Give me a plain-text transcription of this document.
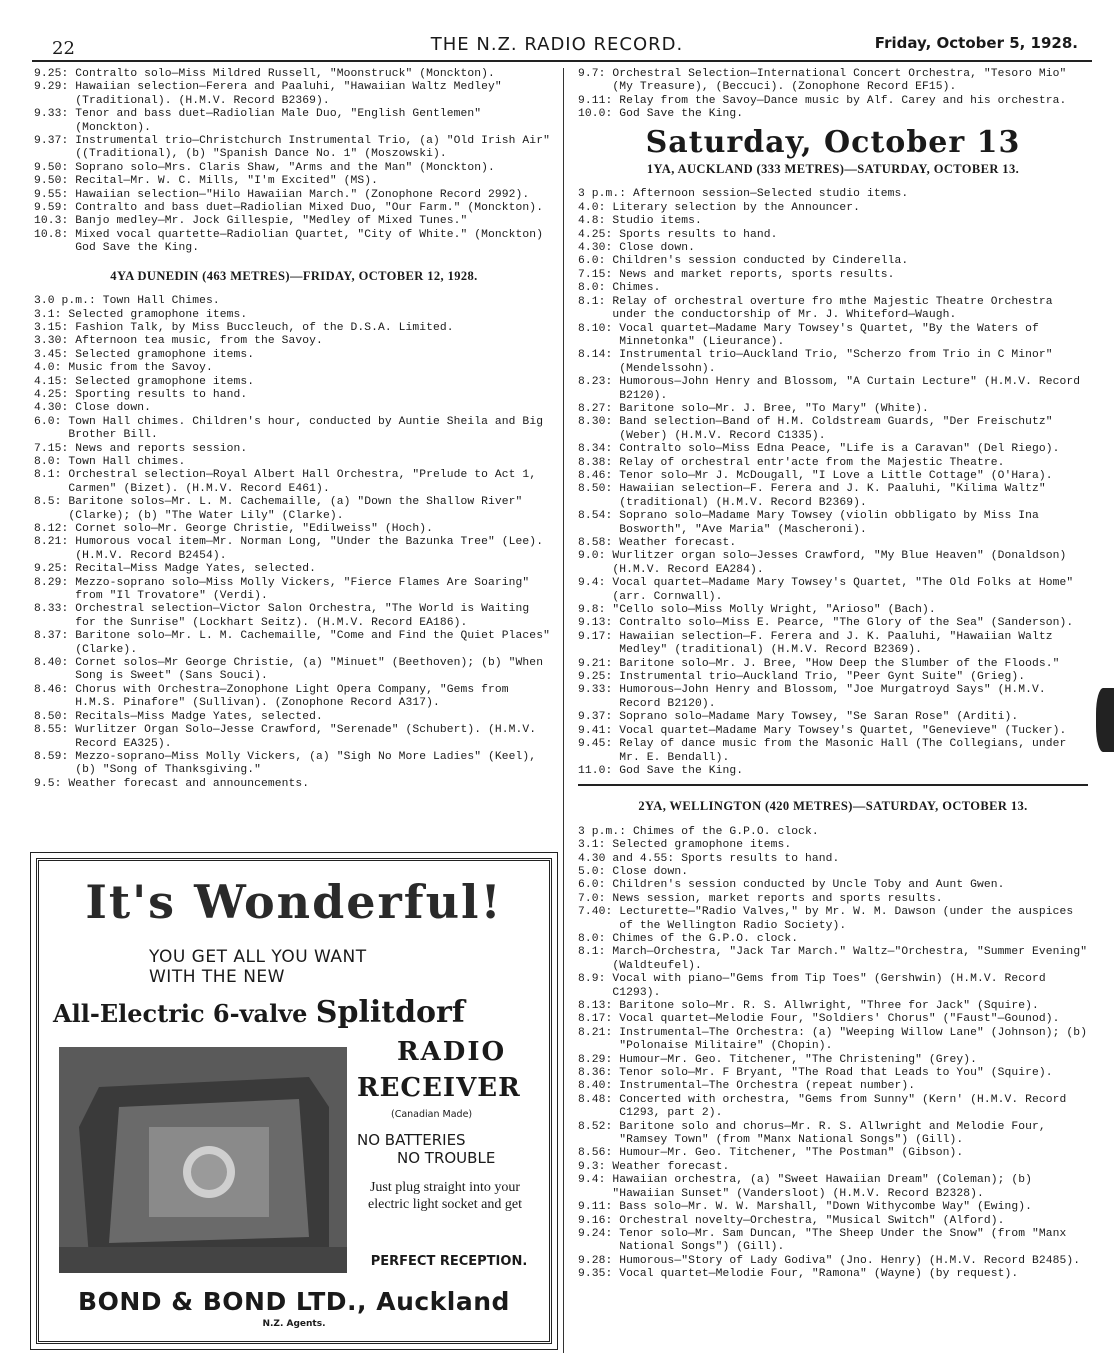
22	THE N.Z. RADIO RECORD.	Friday, October 5, 1928.
9.25: Contralto solo—Miss Mildred Russell, "Moonstruck" (Monckton).
9.29: Hawaiian selection—Ferera and Paaluhi, "Hawaiian Waltz Medley" (Traditional). (H.M.V. Record B2369).
9.33: Tenor and bass duet—Radiolian Male Duo, "English Gentlemen" (Monckton).
9.37: Instrumental trio—Christchurch Instrumental Trio, (a) "Old Irish Air" ((Traditional), (b) "Spanish Dance No. 1" (Moszowski).
9.50: Soprano solo—Mrs. Claris Shaw, "Arms and the Man" (Monckton).
9.50: Recital—Mr. W. C. Mills, "I'm Excited" (MS).
9.55: Hawaiian selection—"Hilo Hawaiian March." (Zonophone Record 2992).
9.59: Contralto and bass duet—Radiolian Mixed Duo, "Our Farm." (Monckton).
10.3: Banjo medley—Mr. Jock Gillespie, "Medley of Mixed Tunes."
10.8: Mixed vocal quartette—Radiolian Quartet, "City of White." (Monckton) God Save the King.
4YA DUNEDIN (463 METRES)—FRIDAY, OCTOBER 12, 1928.
3.0 p.m.: Town Hall Chimes.
3.1: Selected gramophone items.
3.15: Fashion Talk, by Miss Buccleuch, of the D.S.A. Limited.
3.30: Afternoon tea music, from the Savoy.
3.45: Selected gramophone items.
4.0: Music from the Savoy.
4.15: Selected gramophone items.
4.25: Sporting results to hand.
4.30: Close down.
6.0: Town Hall chimes. Children's hour, conducted by Auntie Sheila and Big Brother Bill.
7.15: News and reports session.
8.0: Town Hall chimes.
8.1: Orchestral selection—Royal Albert Hall Orchestra, "Prelude to Act 1, Carmen" (Bizet). (H.M.V. Record E461).
8.5: Baritone solos—Mr. L. M. Cachemaille, (a) "Down the Shallow River" (Clarke); (b) "The Water Lily" (Clarke).
8.12: Cornet solo—Mr. George Christie, "Edilweiss" (Hoch).
8.21: Humorous vocal item—Mr. Norman Long, "Under the Bazunka Tree" (Lee). (H.M.V. Record B2454).
9.25: Recital—Miss Madge Yates, selected.
8.29: Mezzo-soprano solo—Miss Molly Vickers, "Fierce Flames Are Soaring" from "Il Trovatore" (Verdi).
8.33: Orchestral selection—Victor Salon Orchestra, "The World is Waiting for the Sunrise" (Lockhart Seitz). (H.M.V. Record EA186).
8.37: Baritone solo—Mr. L. M. Cachemaille, "Come and Find the Quiet Places" (Clarke).
8.40: Cornet solos—Mr George Christie, (a) "Minuet" (Beethoven); (b) "When Song is Sweet" (Sans Souci).
8.46: Chorus with Orchestra—Zonophone Light Opera Company, "Gems from H.M.S. Pinafore" (Sullivan). (Zonophone Record A317).
8.50: Recitals—Miss Madge Yates, selected.
8.55: Wurlitzer Organ Solo—Jesse Crawford, "Serenade" (Schubert). (H.M.V. Record EA325).
8.59: Mezzo-soprano—Miss Molly Vickers, (a) "Sigh No More Ladies" (Keel), (b) "Song of Thanksgiving."
9.5: Weather forecast and announcements.
It's Wonderful!
YOU GET ALL YOU WANT
WITH THE NEW
All-Electric 6-valve Splitdorf
RADIO
RECEIVER
(Canadian Made)
NO BATTERIES
NO TROUBLE
Just plug straight into your electric light socket and get
PERFECT RECEPTION.
BOND & BOND LTD., Auckland
N.Z. Agents.
9.7: Orchestral Selection—International Concert Orchestra, "Tesoro Mio" (My Treasure), (Beccuci). (Zonophone Record EF15).
9.11: Relay from the Savoy—Dance music by Alf. Carey and his orchestra.
10.0: God Save the King.
Saturday, October 13
1YA, AUCKLAND (333 METRES)—SATURDAY, OCTOBER 13.
3 p.m.: Afternoon session—Selected studio items.
4.0: Literary selection by the Announcer.
4.8: Studio items.
4.25: Sports results to hand.
4.30: Close down.
6.0: Children's session conducted by Cinderella.
7.15: News and market reports, sports results.
8.0: Chimes.
8.1: Relay of orchestral overture fro mthe Majestic Theatre Orchestra under the conductorship of Mr. J. Whiteford—Waugh.
8.10: Vocal quartet—Madame Mary Towsey's Quartet, "By the Waters of Minnetonka" (Lieurance).
8.14: Instrumental trio—Auckland Trio, "Scherzo from Trio in C Minor" (Mendelssohn).
8.23: Humorous—John Henry and Blossom, "A Curtain Lecture" (H.M.V. Record B2120).
8.27: Baritone solo—Mr. J. Bree, "To Mary" (White).
8.30: Band selection—Band of H.M. Coldstream Guards, "Der Freischutz" (Weber) (H.M.V. Record C1335).
8.34: Contralto solo—Miss Edna Peace, "Life is a Caravan" (Del Riego).
8.38: Relay of orchestral entr'acte from the Majestic Theatre.
8.46: Tenor solo—Mr J. McDougall, "I Love a Little Cottage" (O'Hara).
8.50: Hawaiian selection—F. Ferera and J. K. Paaluhi, "Kilima Waltz" (traditional) (H.M.V. Record B2369).
8.54: Soprano solo—Madame Mary Towsey (violin obbligato by Miss Ina Bosworth", "Ave Maria" (Mascheroni).
8.58: Weather forecast.
9.0: Wurlitzer organ solo—Jesses Crawford, "My Blue Heaven" (Donaldson) (H.M.V. Record EA284).
9.4: Vocal quartet—Madame Mary Towsey's Quartet, "The Old Folks at Home" (arr. Cornwall).
9.8: "Cello solo—Miss Molly Wright, "Arioso" (Bach).
9.13: Contralto solo—Miss E. Pearce, "The Glory of the Sea" (Sanderson).
9.17: Hawaiian selection—F. Ferera and J. K. Paaluhi, "Hawaiian Waltz Medley" (traditional) (H.M.V. Record B2369).
9.21: Baritone solo—Mr. J. Bree, "How Deep the Slumber of the Floods."
9.25: Instrumental trio—Auckland Trio, "Peer Gynt Suite" (Grieg).
9.33: Humorous—John Henry and Blossom, "Joe Murgatroyd Says" (H.M.V. Record B2120).
9.37: Soprano solo—Madame Mary Towsey, "Se Saran Rose" (Arditi).
9.41: Vocal quartet—Madame Mary Towsey's Quartet, "Genevieve" (Tucker).
9.45: Relay of dance music from the Masonic Hall (The Collegians, under Mr. E. Bendall).
11.0: God Save the King.
2YA, WELLINGTON (420 METRES)—SATURDAY, OCTOBER 13.
3 p.m.: Chimes of the G.P.O. clock.
3.1: Selected gramophone items.
4.30 and 4.55: Sports results to hand.
5.0: Close down.
6.0: Children's session conducted by Uncle Toby and Aunt Gwen.
7.0: News session, market reports and sports results.
7.40: Lecturette—"Radio Valves," by Mr. W. M. Dawson (under the auspices of the Wellington Radio Society).
8.0: Chimes of the G.P.O. clock.
8.1: March—Orchestra, "Jack Tar March." Waltz—"Orchestra, "Summer Evening" (Waldteufel).
8.9: Vocal with piano—"Gems from Tip Toes" (Gershwin) (H.M.V. Record C1293).
8.13: Baritone solo—Mr. R. S. Allwright, "Three for Jack" (Squire).
8.17: Vocal quartet—Melodie Four, "Soldiers' Chorus" ("Faust"—Gounod).
8.21: Instrumental—The Orchestra: (a) "Weeping Willow Lane" (Johnson); (b) "Polonaise Militaire" (Chopin).
8.29: Humour—Mr. Geo. Titchener, "The Christening" (Grey).
8.36: Tenor solo—Mr. F Bryant, "The Road that Leads to You" (Squire).
8.40: Instrumental—The Orchestra (repeat number).
8.48: Concerted with orchestra, "Gems from Sunny" (Kern' (H.M.V. Record C1293, part 2).
8.52: Baritone solo and chorus—Mr. R. S. Allwright and Melodie Four, "Ramsey Town" (from "Manx National Songs") (Gill).
8.56: Humour—Mr. Geo. Titchener, "The Postman" (Gibson).
9.3: Weather forecast.
9.4: Hawaiian orchestra, (a) "Sweet Hawaiian Dream" (Coleman); (b) "Hawaiian Sunset" (Vandersloot) (H.M.V. Record B2328).
9.11: Bass solo—Mr. W. W. Marshall, "Down Withycombe Way" (Ewing).
9.16: Orchestral novelty—Orchestra, "Musical Switch" (Alford).
9.24: Tenor solo—Mr. Sam Duncan, "The Sheep Under the Snow" (from "Manx National Songs") (Gill).
9.28: Humorous—"Story of Lady Godiva" (Jno. Henry) (H.M.V. Record B2485).
9.35: Vocal quartet—Melodie Four, "Ramona" (Wayne) (by request).
